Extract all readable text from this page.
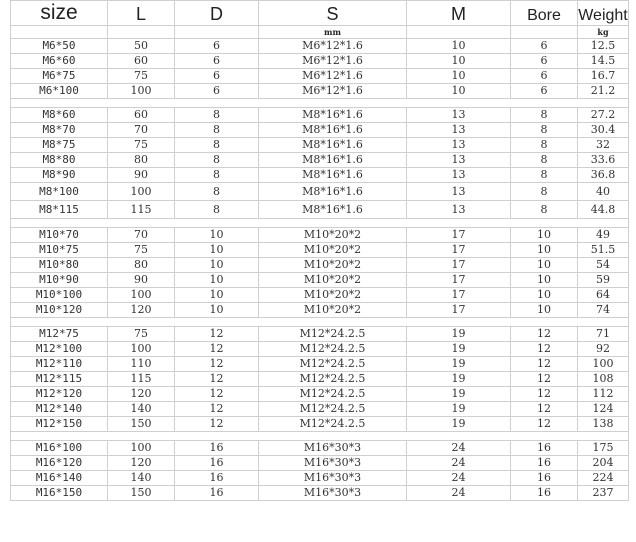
size	L	D	S	M	Bore	Weight
			mm			kg
M6*50	50	6	M6*12*1.6	10	6	12.5
M6*60	60	6	M6*12*1.6	10	6	14.5
M6*75	75	6	M6*12*1.6	10	6	16.7
M6*100	100	6	M6*12*1.6	10	6	21.2

M8*60	60	8	M8*16*1.6	13	8	27.2
M8*70	70	8	M8*16*1.6	13	8	30.4
M8*75	75	8	M8*16*1.6	13	8	32
M8*80	80	8	M8*16*1.6	13	8	33.6
M8*90	90	8	M8*16*1.6	13	8	36.8
M8*100	100	8	M8*16*1.6	13	8	40
M8*115	115	8	M8*16*1.6	13	8	44.8

M10*70	70	10	M10*20*2	17	10	49
M10*75	75	10	M10*20*2	17	10	51.5
M10*80	80	10	M10*20*2	17	10	54
M10*90	90	10	M10*20*2	17	10	59
M10*100	100	10	M10*20*2	17	10	64
M10*120	120	10	M10*20*2	17	10	74

M12*75	75	12	M12*24.2.5	19	12	71
M12*100	100	12	M12*24.2.5	19	12	92
M12*110	110	12	M12*24.2.5	19	12	100
M12*115	115	12	M12*24.2.5	19	12	108
M12*120	120	12	M12*24.2.5	19	12	112
M12*140	140	12	M12*24.2.5	19	12	124
M12*150	150	12	M12*24.2.5	19	12	138

M16*100	100	16	M16*30*3	24	16	175
M16*120	120	16	M16*30*3	24	16	204
M16*140	140	16	M16*30*3	24	16	224
M16*150	150	16	M16*30*3	24	16	237
